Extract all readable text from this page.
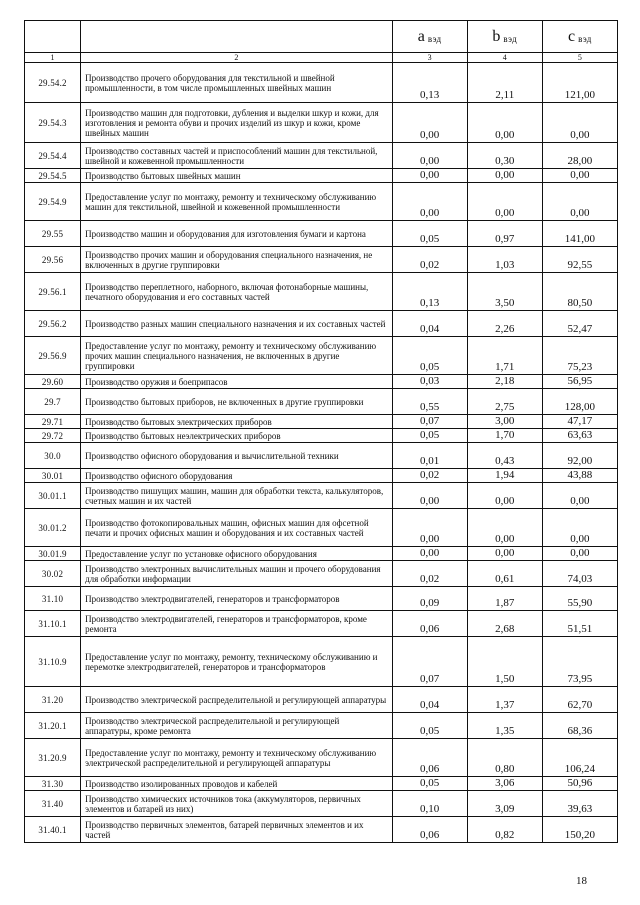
		a $_{вэд}$	b $_{вэд}$	c $_{вэд}$
1	2	3	4	5
29.54.2	Производство прочего оборудования для текстильной и швейной промышленности, в том числе промышленных швейных машин	0,13	2,11	121,00
29.54.3	Производство машин для подготовки, дубления и выделки шкур и кожи, для изготовления и ремонта обуви и прочих изделий из шкур и кожи, кроме швейных машин	0,00	0,00	0,00
29.54.4	Производство составных частей и приспособлений машин для текстильной, швейной и кожевенной промышленности	0,00	0,30	28,00
29.54.5	Производство бытовых швейных машин	0,00	0,00	0,00
29.54.9	Предоставление услуг по монтажу, ремонту и техническому обслуживанию машин для текстильной, швейной и кожевенной промышленности	0,00	0,00	0,00
29.55	Производство машин и оборудования для изготовления бумаги и картона	0,05	0,97	141,00
29.56	Производство прочих машин и оборудования специального назначения, не включенных в другие группировки	0,02	1,03	92,55
29.56.1	Производство переплетного, наборного, включая фотонаборные машины, печатного оборудования и его составных частей	0,13	3,50	80,50
29.56.2	Производство разных машин специального назначения и их составных частей	0,04	2,26	52,47
29.56.9	Предоставление услуг по монтажу, ремонту и техническому обслуживанию прочих машин специального назначения, не включенных в другие группировки	0,05	1,71	75,23
29.60	Производство оружия и боеприпасов	0,03	2,18	56,95
29.7	Производство бытовых приборов, не включенных в другие группировки	0,55	2,75	128,00
29.71	Производство бытовых электрических приборов	0,07	3,00	47,17
29.72	Производство бытовых неэлектрических приборов	0,05	1,70	63,63
30.0	Производство офисного оборудования и вычислительной техники	0,01	0,43	92,00
30.01	Производство офисного оборудования	0,02	1,94	43,88
30.01.1	Производство пишущих машин, машин для обработки текста, калькуляторов, счетных машин и их частей	0,00	0,00	0,00
30.01.2	Производство фотокопировальных машин, офисных машин для офсетной печати и прочих офисных машин и оборудования и их составных частей	0,00	0,00	0,00
30.01.9	Предоставление услуг по установке офисного оборудования	0,00	0,00	0,00
30.02	Производство электронных вычислительных машин и прочего оборудования для обработки информации	0,02	0,61	74,03
31.10	Производство электродвигателей, генераторов и трансформаторов	0,09	1,87	55,90
31.10.1	Производство электродвигателей, генераторов и трансформаторов, кроме ремонта	0,06	2,68	51,51
31.10.9	Предоставление услуг по монтажу, ремонту, техническому обслуживанию и перемотке электродвигателей, генераторов и трансформаторов	0,07	1,50	73,95
31.20	Производство электрической распределительной и регулирующей аппаратуры	0,04	1,37	62,70
31.20.1	Производство электрической распределительной и регулирующей аппаратуры, кроме ремонта	0,05	1,35	68,36
31.20.9	Предоставление услуг по монтажу, ремонту и техническому обслуживанию электрической распределительной и регулирующей аппаратуры	0,06	0,80	106,24
31.30	Производство изолированных проводов и кабелей	0,05	3,06	50,96
31.40	Производство химических источников тока (аккумуляторов, первичных элементов и батарей из них)	0,10	3,09	39,63
31.40.1	Производство первичных элементов, батарей первичных элементов и их частей	0,06	0,82	150,20
18
